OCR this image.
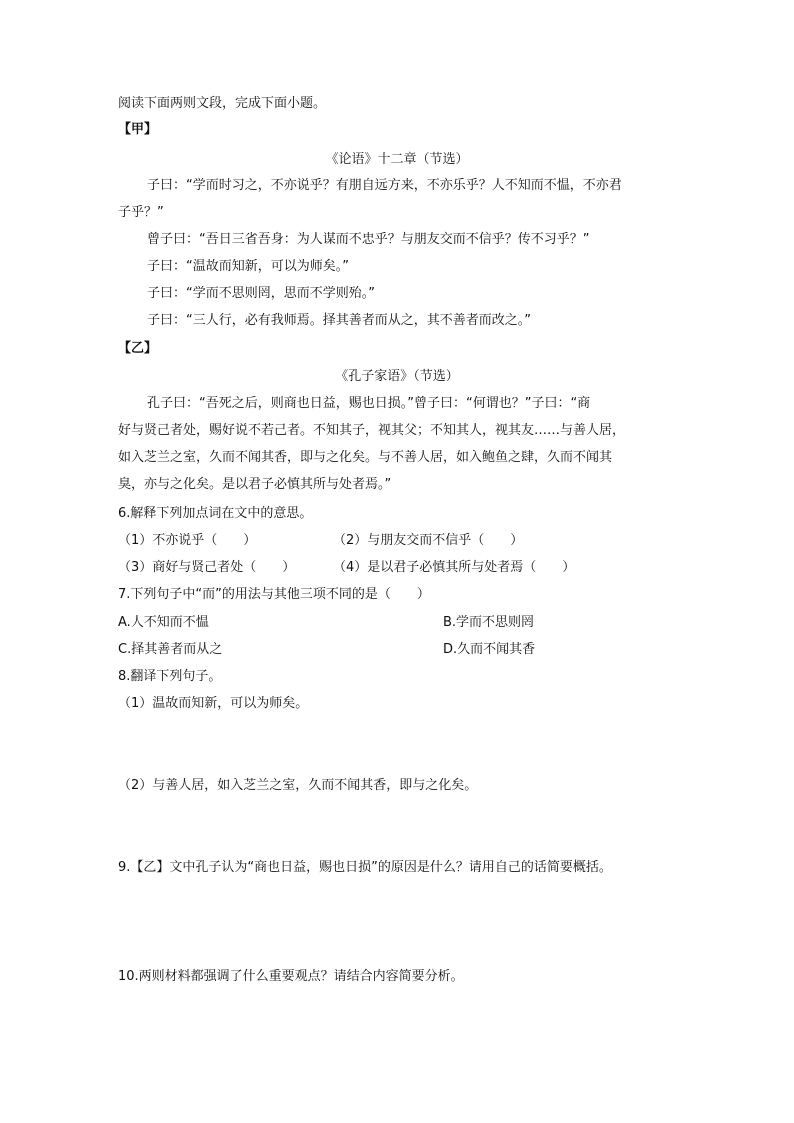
阅读下面两则文段，完成下面小题。
【甲】
《论语》十二章（节选）
子曰：“学而时习之，不亦说乎？有朋自远方来，不亦乐乎？人不知而不愠，不亦君
子乎？”
曾子曰：“吾日三省吾身：为人谋而不忠乎？与朋友交而不信乎？传不习乎？”
子曰：“温故而知新，可以为师矣。”
子曰：“学而不思则罔，思而不学则殆。”
子曰：“三人行，必有我师焉。择其善者而从之，其不善者而改之。”
【乙】
《孔子家语》（节选）
孔子曰：“吾死之后，则商也日益，赐也日损。”曾子曰：“何谓也？”子曰：“商
好与贤己者处，赐好说不若己者。不知其子，视其父；不知其人，视其友……与善人居，
如入芝兰之室，久而不闻其香，即与之化矣。与不善人居，如入鲍鱼之肆，久而不闻其
臭，亦与之化矣。是以君子必慎其所与处者焉。”
6.解释下列加点词在文中的意思。
（1）不亦说乎（　　）	（2）与朋友交而不信乎（　　）
（3）商好与贤己者处（　　）	（4）是以君子必慎其所与处者焉（　　）
7.下列句子中“而”的用法与其他三项不同的是（　　）
A.人不知而不愠	B.学而不思则罔
C.择其善者而从之	D.久而不闻其香
8.翻译下列句子。
（1）温故而知新，可以为师矣。
（2）与善人居，如入芝兰之室，久而不闻其香，即与之化矣。
9.【乙】文中孔子认为“商也日益，赐也日损”的原因是什么？请用自己的话简要概括。
10.两则材料都强调了什么重要观点？请结合内容简要分析。
